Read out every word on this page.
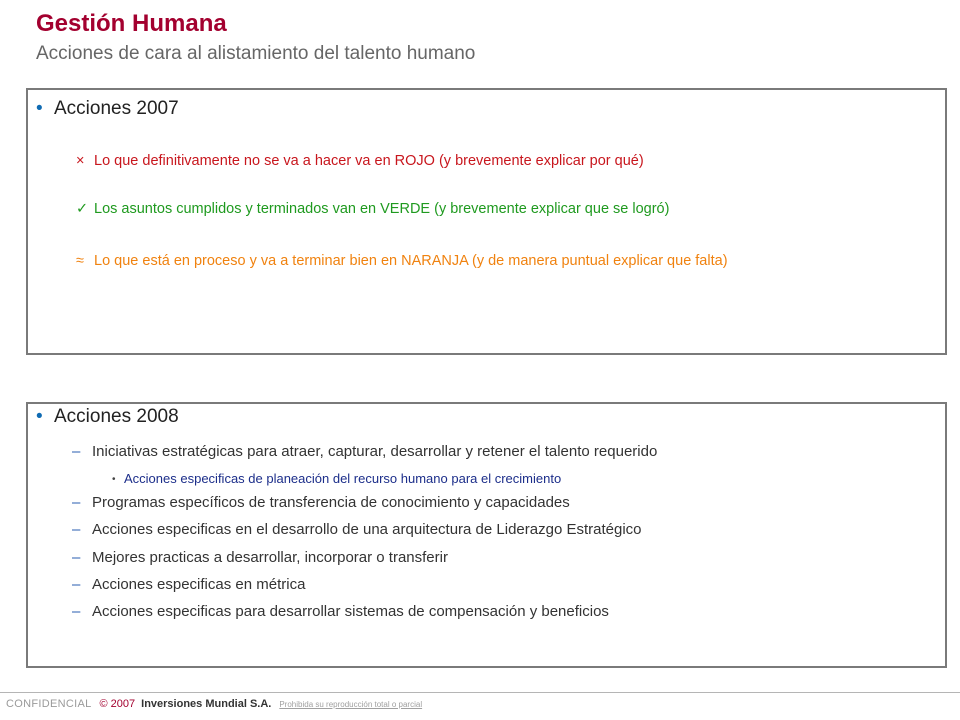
Gestión Humana
Acciones de cara al alistamiento del talento humano
• Acciones 2007
× Lo que definitivamente no se va a hacer va en ROJO (y brevemente explicar por qué)
✓ Los asuntos cumplidos y terminados van en VERDE (y brevemente explicar que se logró)
≈ Lo que está en proceso y va a terminar bien en NARANJA (y de manera puntual explicar que falta)
• Acciones 2008
– Iniciativas estratégicas para atraer, capturar, desarrollar y retener el talento requerido
• Acciones especificas de planeación del recurso humano para el crecimiento
– Programas específicos de transferencia de conocimiento y capacidades
– Acciones especificas en el desarrollo de una arquitectura de Liderazgo Estratégico
– Mejores practicas a desarrollar, incorporar o transferir
– Acciones especificas en métrica
– Acciones especificas para desarrollar sistemas de compensación y beneficios
CONFIDENCIAL © 2007 Inversiones Mundial S.A. Prohibida su reproducción total o parcial
